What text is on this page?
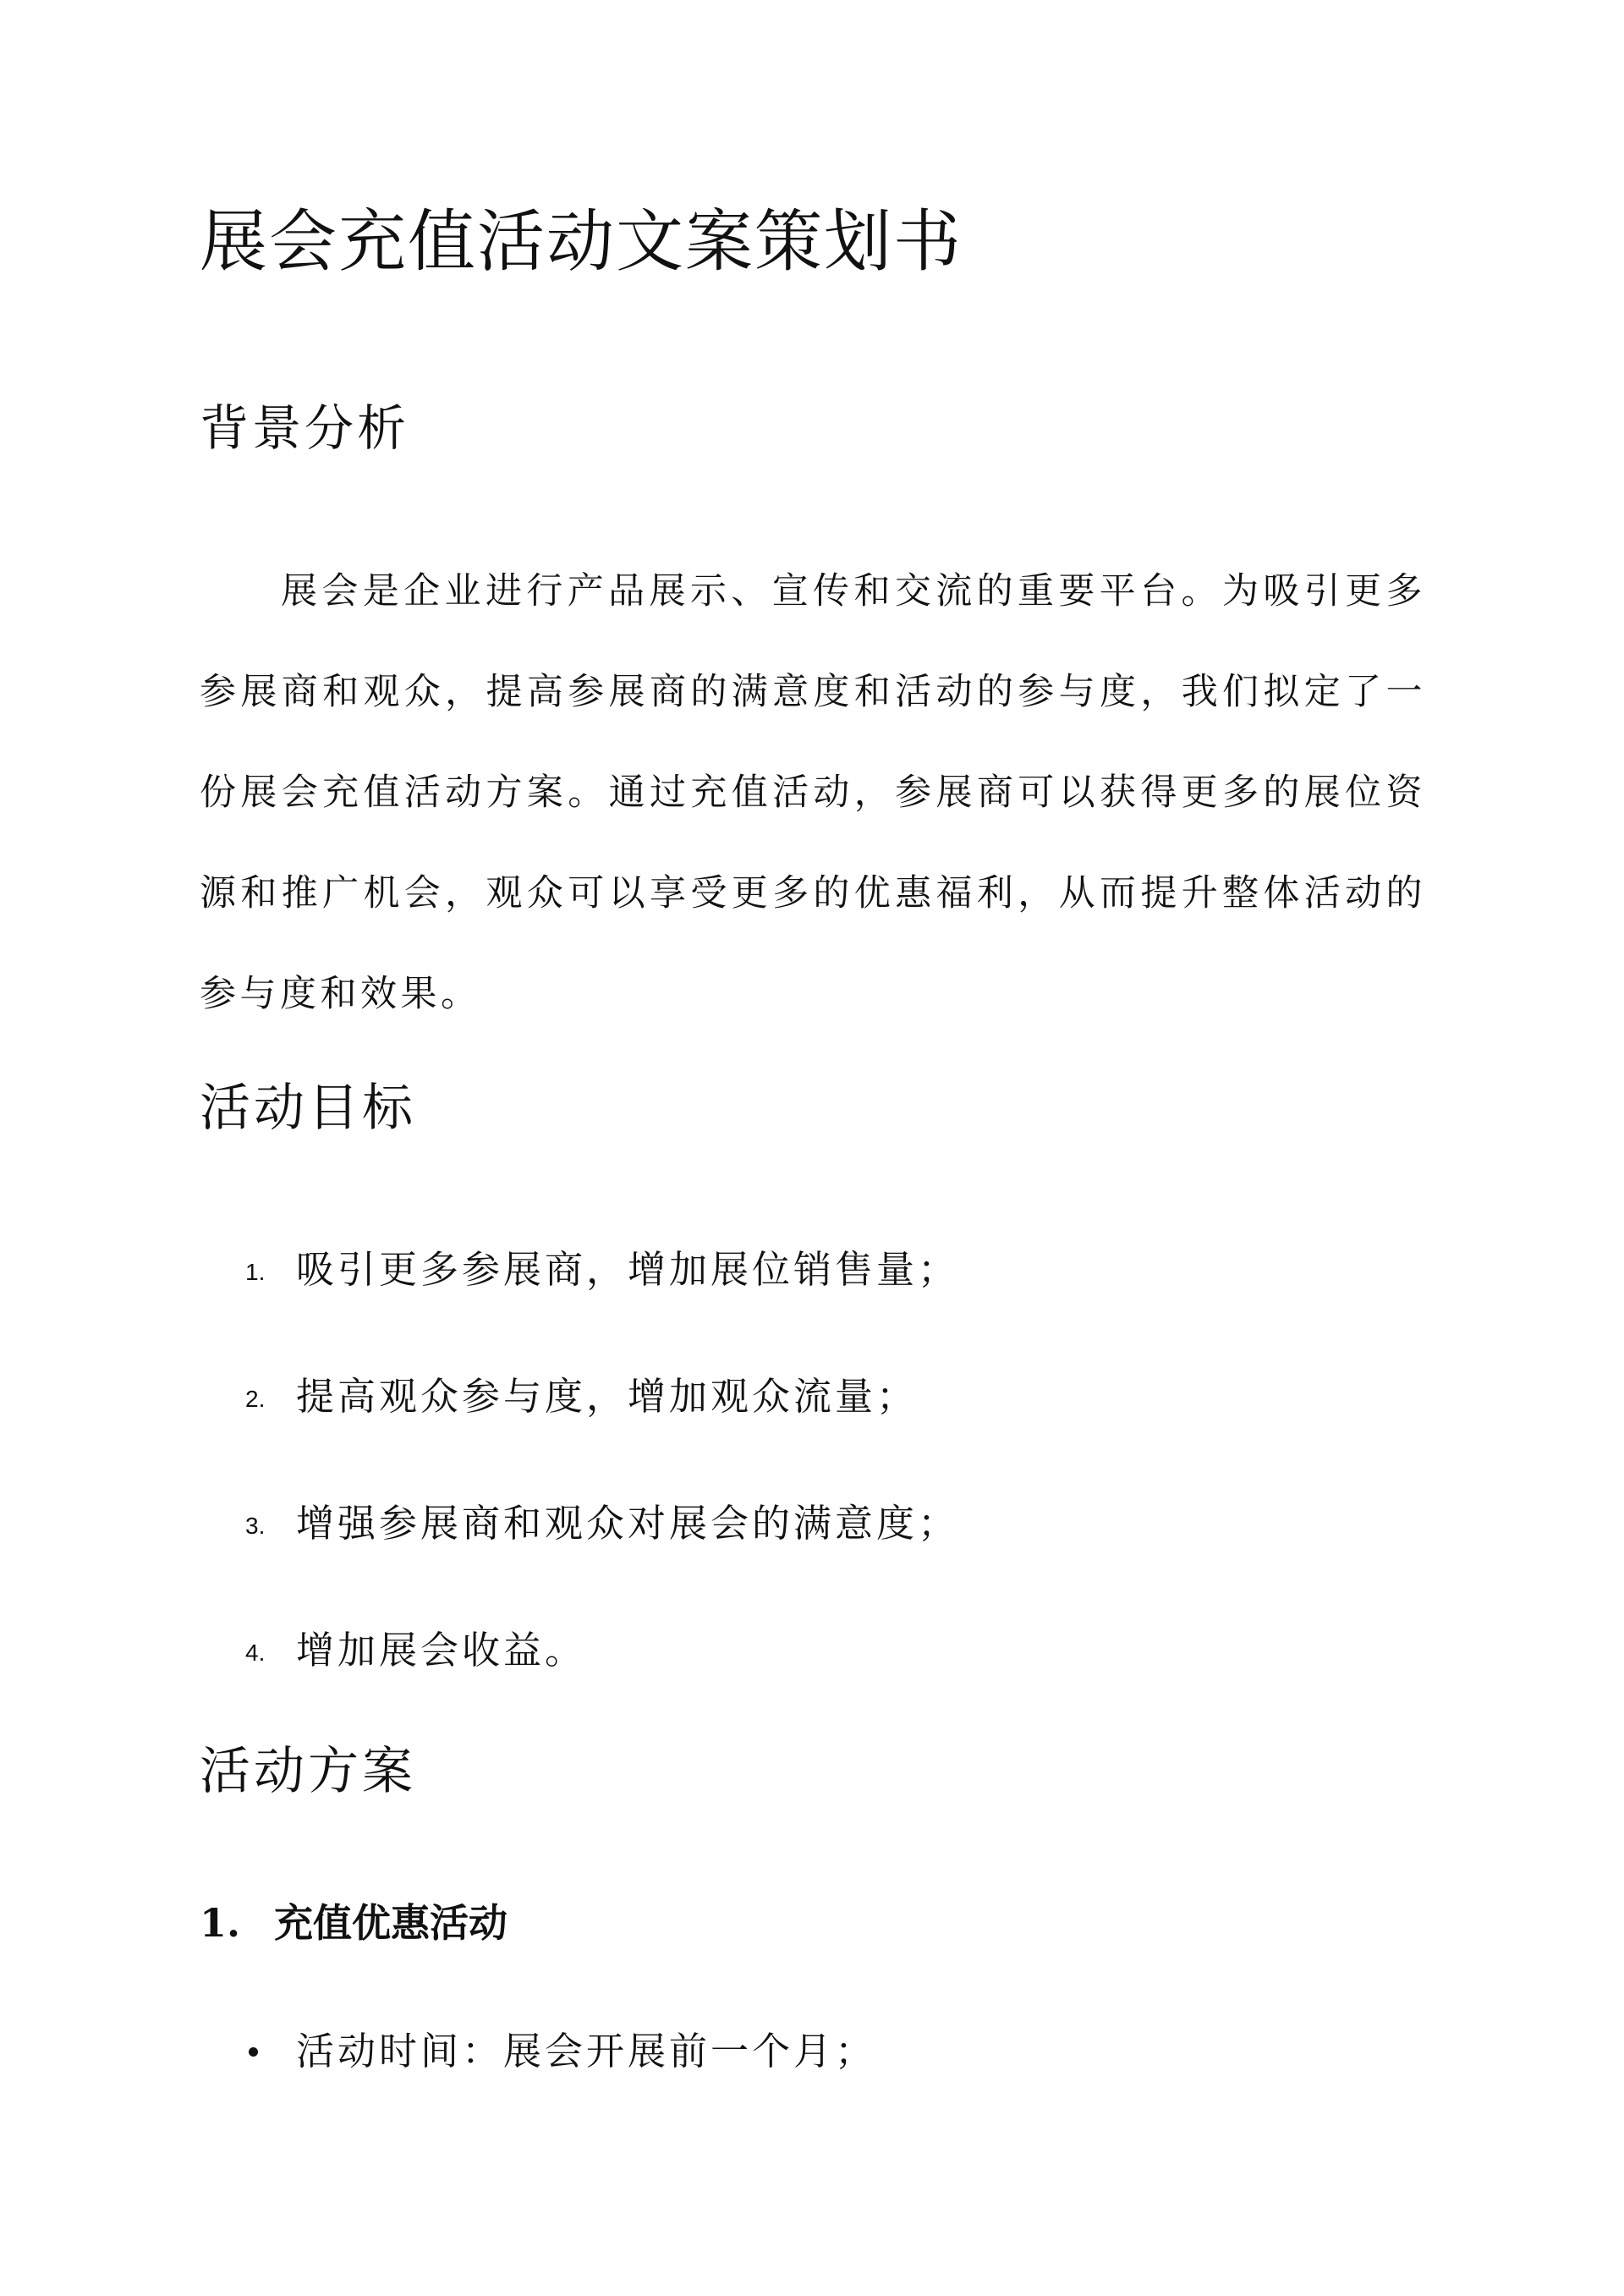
展会充值活动文案策划书
背景分析

展会是企业进行产品展示、宣传和交流的重要平台。为吸引更多参展商和观众，提高参展商的满意度和活动的参与度，我们拟定了一份展会充值活动方案。通过充值活动，参展商可以获得更多的展位资源和推广机会，观众可以享受更多的优惠福利，从而提升整体活动的参与度和效果。

活动目标
1. 吸引更多参展商，增加展位销售量；
2. 提高观众参与度，增加观众流量；
3. 增强参展商和观众对展会的满意度；
4. 增加展会收益。
活动方案
1. 充值优惠活动
活动时间：展会开展前一个月；
